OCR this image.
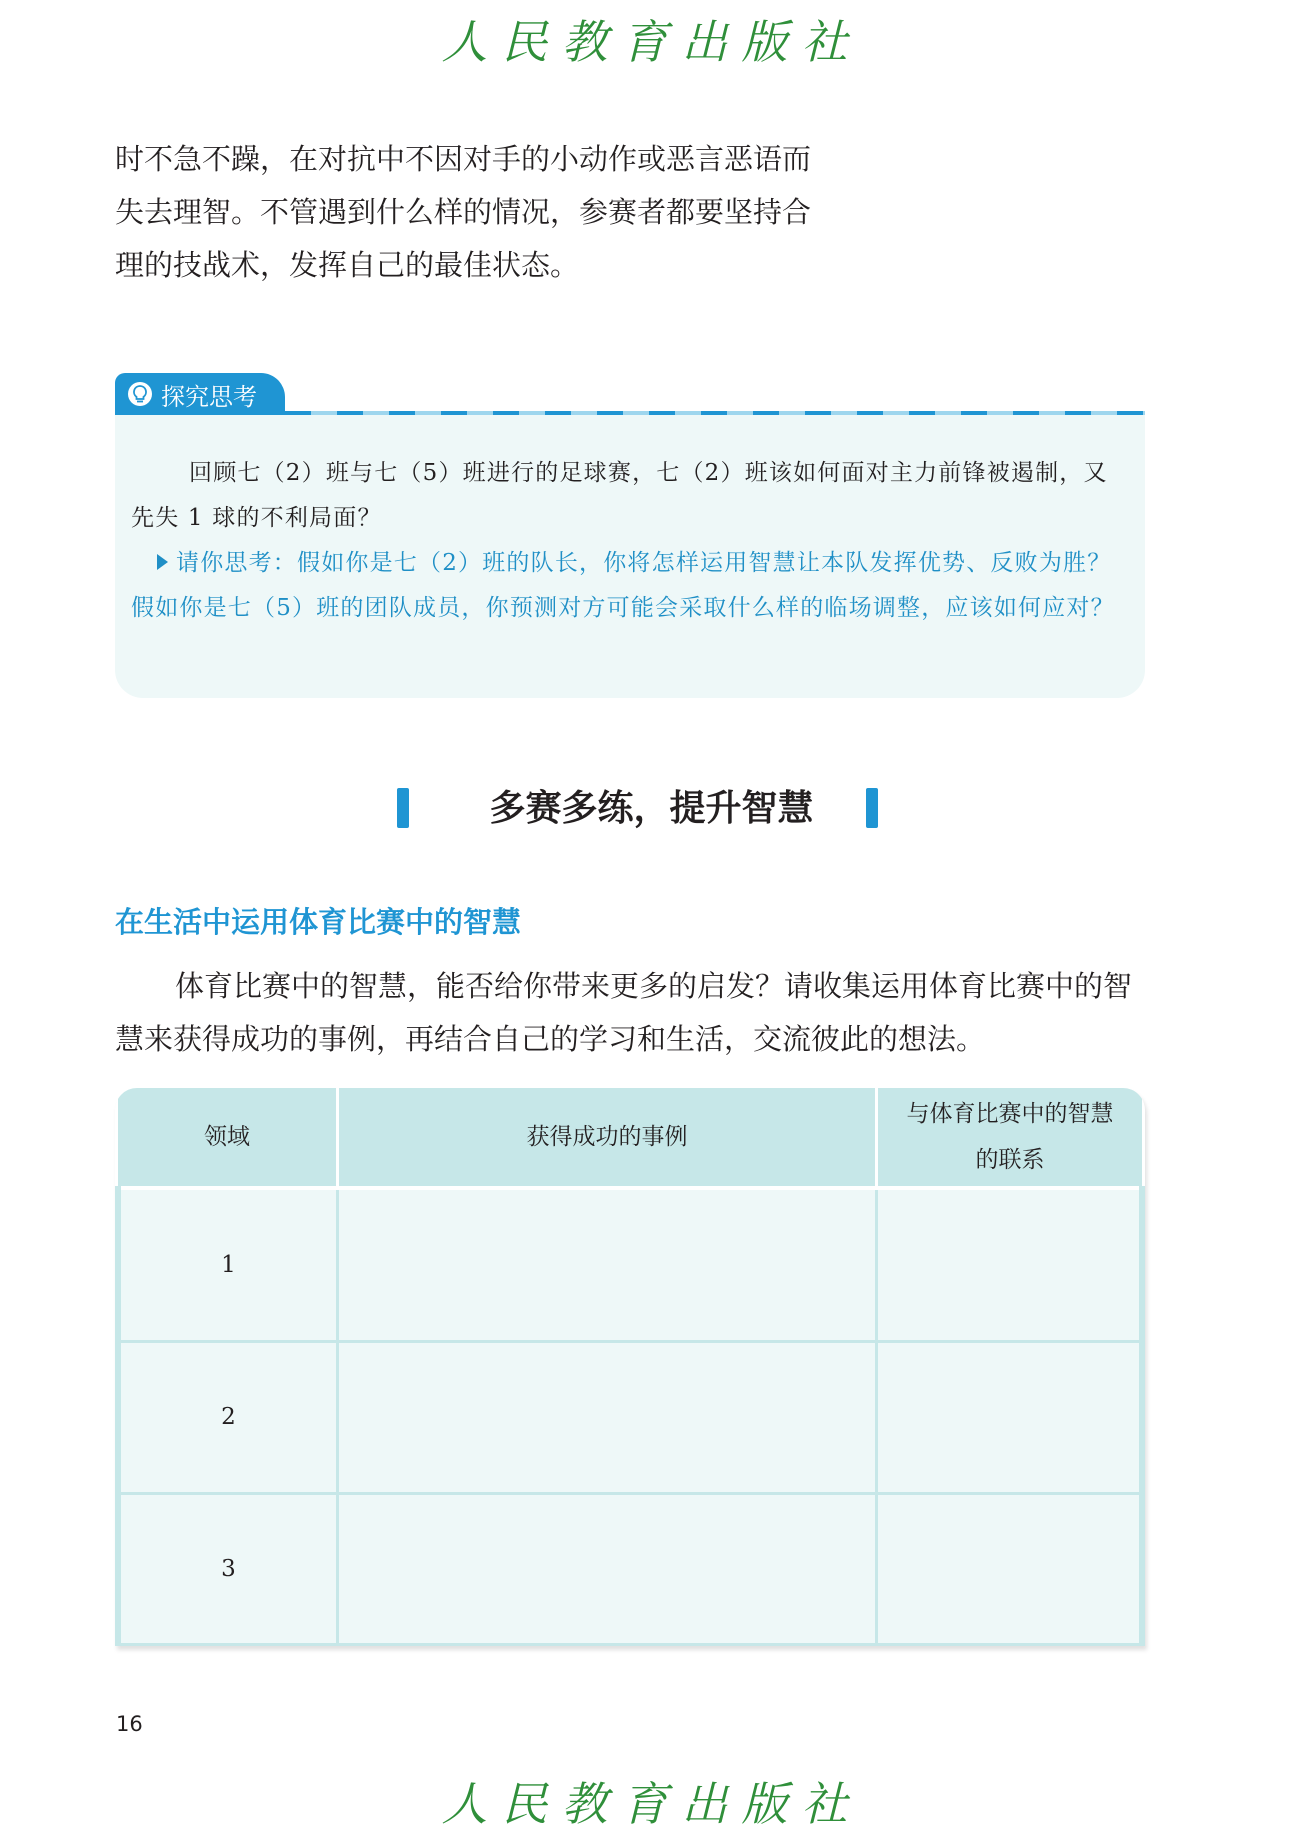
人民教育出版社

时不急不躁，在对抗中不因对手的小动作或恶言恶语而失去理智。不管遇到什么样的情况，参赛者都要坚持合理的技战术，发挥自己的最佳状态。

探究思考

回顾七（2）班与七（5）班进行的足球赛，七（2）班该如何面对主力前锋被遏制，又先失 1 球的不利局面？

请你思考：假如你是七（2）班的队长，你将怎样运用智慧让本队发挥优势、反败为胜？假如你是七（5）班的团队成员，你预测对方可能会采取什么样的临场调整，应该如何应对？

多赛多练，提升智慧
在生活中运用体育比赛中的智慧

体育比赛中的智慧，能否给你带来更多的启发？请收集运用体育比赛中的智慧来获得成功的事例，再结合自己的学习和生活，交流彼此的想法。

领域	获得成功的事例	与体育比赛中的智慧的联系

1		
2		
3		
16
人民教育出版社
